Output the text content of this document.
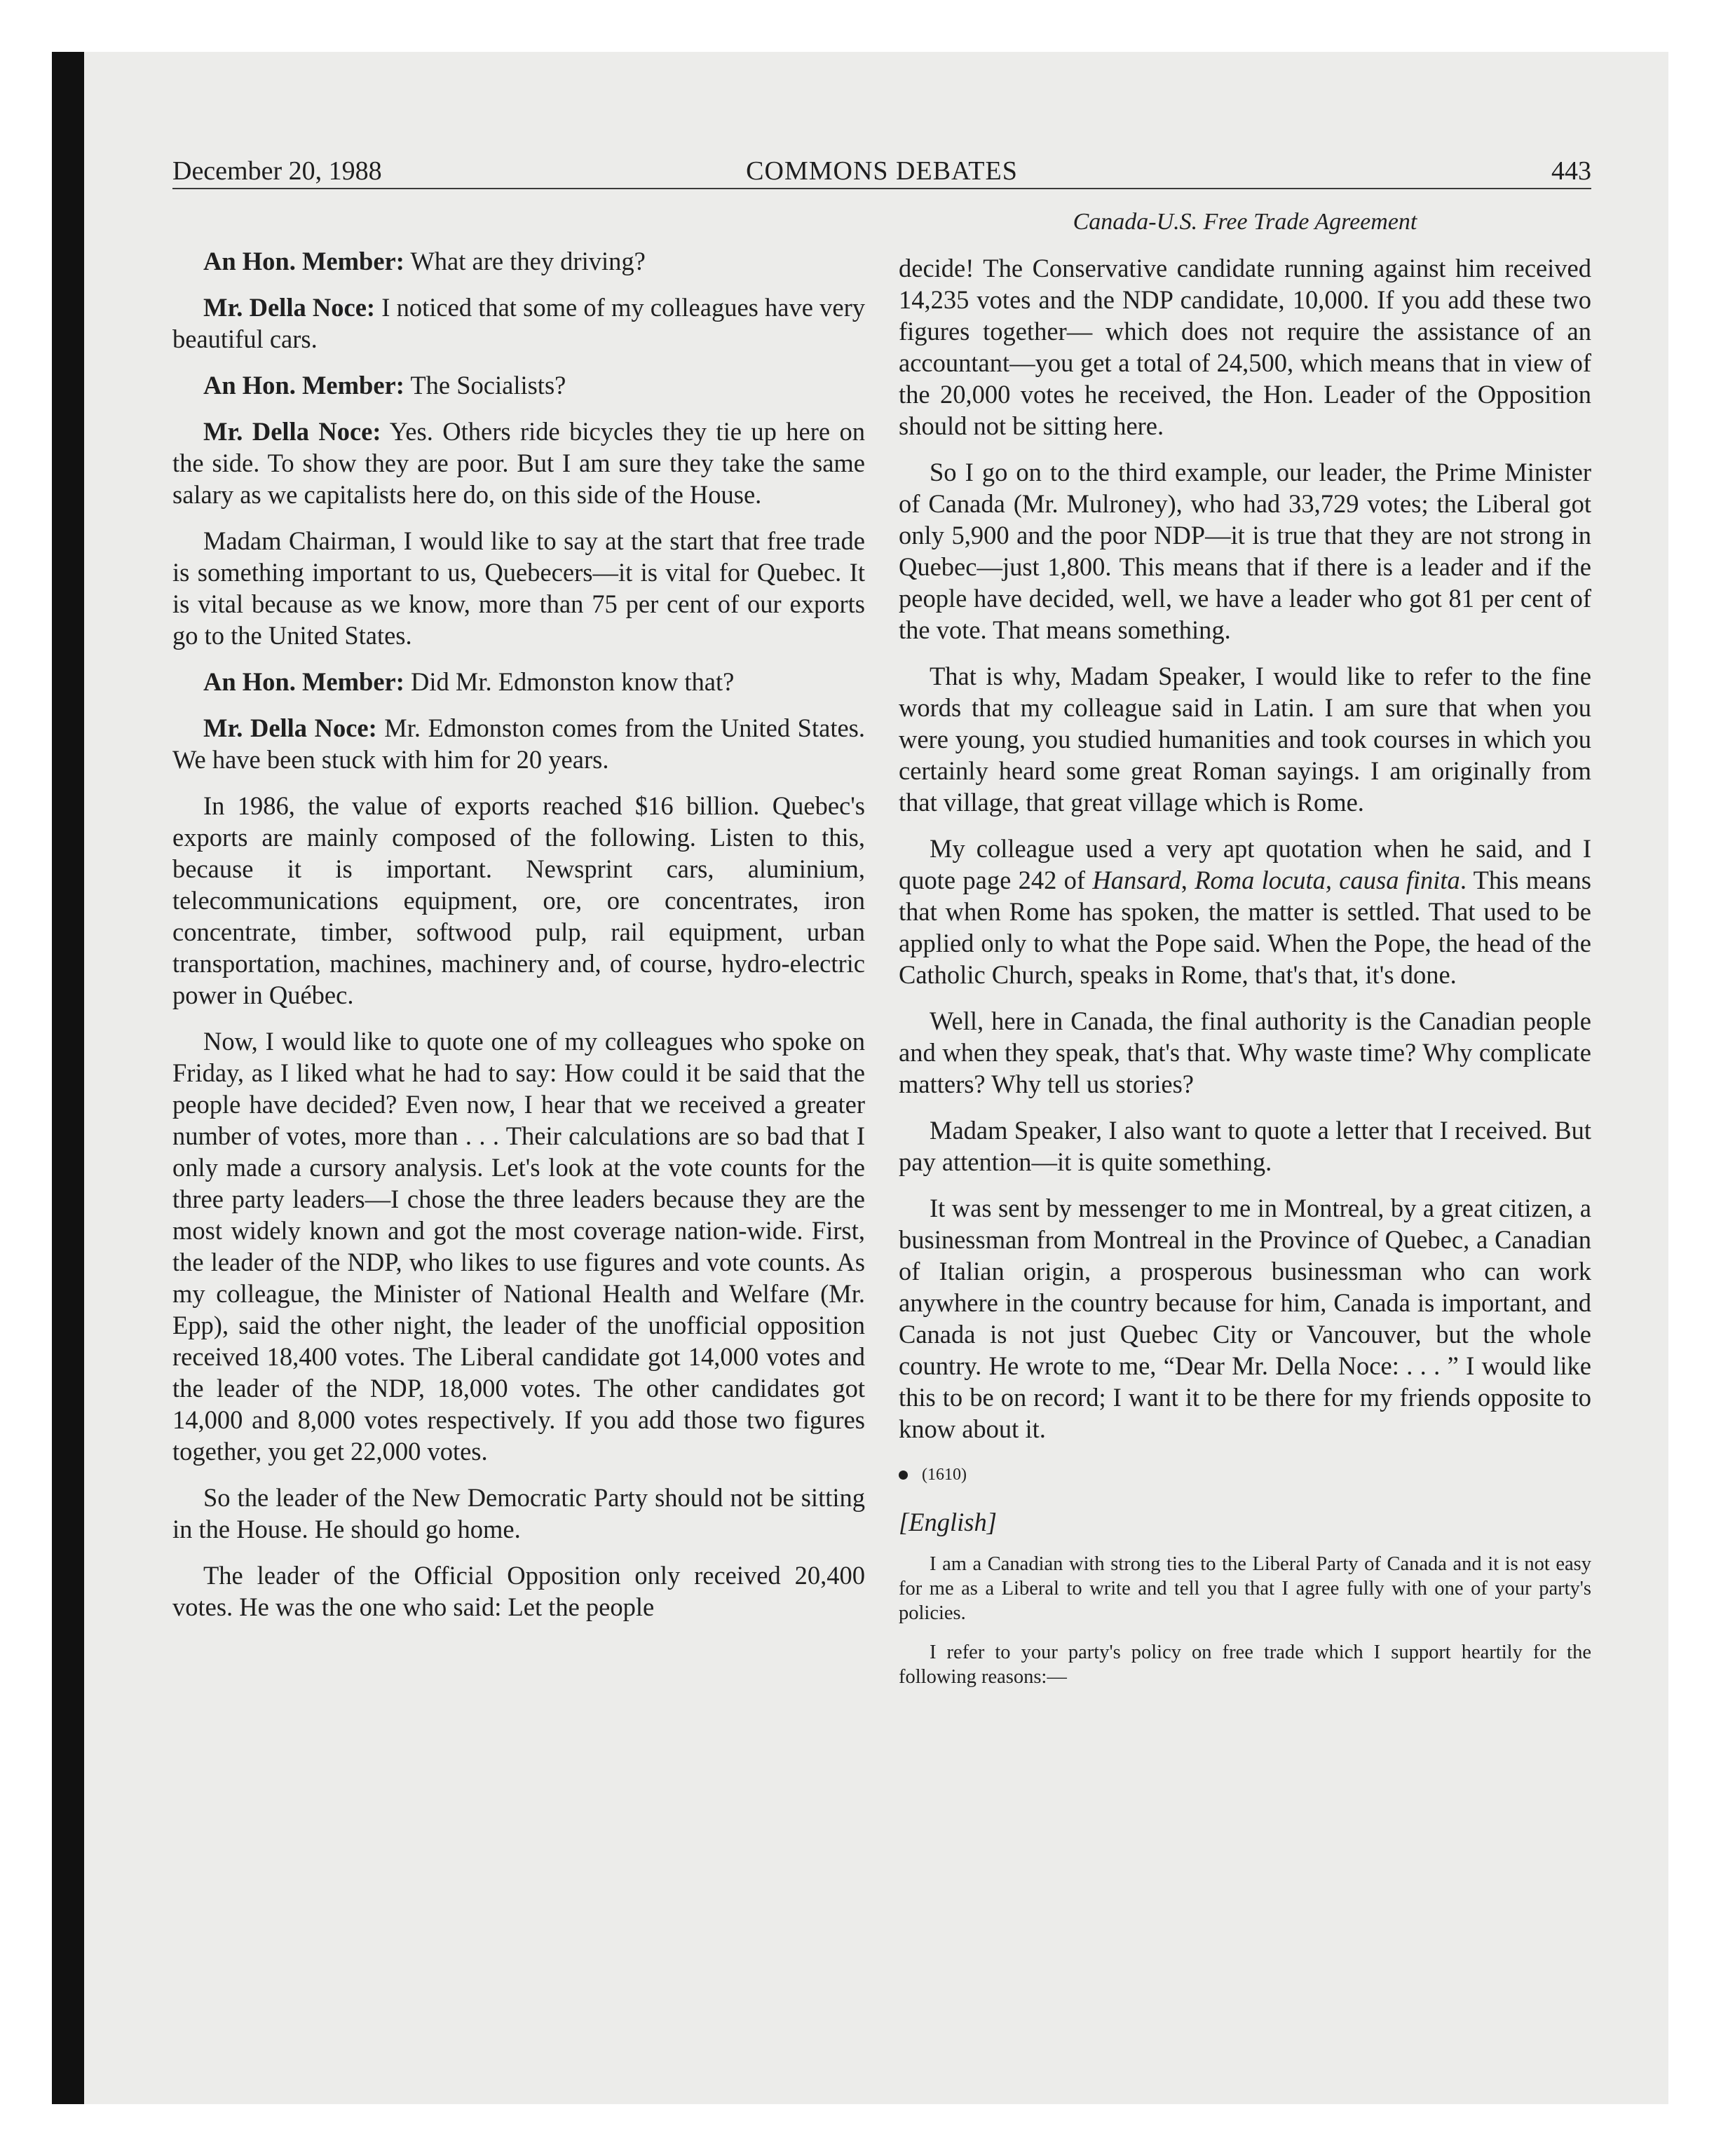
December 20, 1988	COMMONS DEBATES	443
Canada-U.S. Free Trade Agreement

An Hon. Member: What are they driving?

Mr. Della Noce: I noticed that some of my colleagues have very beautiful cars.

An Hon. Member: The Socialists?

Mr. Della Noce: Yes. Others ride bicycles they tie up here on the side. To show they are poor. But I am sure they take the same salary as we capitalists here do, on this side of the House.

Madam Chairman, I would like to say at the start that free trade is something important to us, Quebecers—it is vital for Quebec. It is vital because as we know, more than 75 per cent of our exports go to the United States.

An Hon. Member: Did Mr. Edmonston know that?

Mr. Della Noce: Mr. Edmonston comes from the United States. We have been stuck with him for 20 years.

In 1986, the value of exports reached $16 billion. Quebec's exports are mainly composed of the following. Listen to this, because it is important. Newsprint cars, aluminium, telecommunications equipment, ore, ore concentrates, iron concentrate, timber, softwood pulp, rail equipment, urban transportation, machines, machinery and, of course, hydro-electric power in Québec.

Now, I would like to quote one of my colleagues who spoke on Friday, as I liked what he had to say: How could it be said that the people have decided? Even now, I hear that we received a greater number of votes, more than . . . Their calculations are so bad that I only made a cursory analysis. Let's look at the vote counts for the three party leaders—I chose the three leaders because they are the most widely known and got the most coverage nation-wide. First, the leader of the NDP, who likes to use figures and vote counts. As my colleague, the Minister of National Health and Welfare (Mr. Epp), said the other night, the leader of the unofficial opposition received 18,400 votes. The Liberal candidate got 14,000 votes and the leader of the NDP, 18,000 votes. The other candidates got 14,000 and 8,000 votes respectively. If you add those two figures together, you get 22,000 votes.

So the leader of the New Democratic Party should not be sitting in the House. He should go home.

The leader of the Official Opposition only received 20,400 votes. He was the one who said: Let the people

decide! The Conservative candidate running against him received 14,235 votes and the NDP candidate, 10,000. If you add these two figures together— which does not require the assistance of an accountant—you get a total of 24,500, which means that in view of the 20,000 votes he received, the Hon. Leader of the Opposition should not be sitting here.

So I go on to the third example, our leader, the Prime Minister of Canada (Mr. Mulroney), who had 33,729 votes; the Liberal got only 5,900 and the poor NDP—it is true that they are not strong in Quebec—just 1,800. This means that if there is a leader and if the people have decided, well, we have a leader who got 81 per cent of the vote. That means something.

That is why, Madam Speaker, I would like to refer to the fine words that my colleague said in Latin. I am sure that when you were young, you studied humanities and took courses in which you certainly heard some great Roman sayings. I am originally from that village, that great village which is Rome.

My colleague used a very apt quotation when he said, and I quote page 242 of Hansard, Roma locuta, causa finita. This means that when Rome has spoken, the matter is settled. That used to be applied only to what the Pope said. When the Pope, the head of the Catholic Church, speaks in Rome, that's that, it's done.

Well, here in Canada, the final authority is the Canadian people and when they speak, that's that. Why waste time? Why complicate matters? Why tell us stories?

Madam Speaker, I also want to quote a letter that I received. But pay attention—it is quite something.

It was sent by messenger to me in Montreal, by a great citizen, a businessman from Montreal in the Province of Quebec, a Canadian of Italian origin, a prosperous businessman who can work anywhere in the country because for him, Canada is important, and Canada is not just Quebec City or Vancouver, but the whole country. He wrote to me, “Dear Mr. Della Noce: . . . ” I would like this to be on record; I want it to be there for my friends opposite to know about it.

(1610)
[English]

I am a Canadian with strong ties to the Liberal Party of Canada and it is not easy for me as a Liberal to write and tell you that I agree fully with one of your party's policies.

I refer to your party's policy on free trade which I support heartily for the following reasons:—
